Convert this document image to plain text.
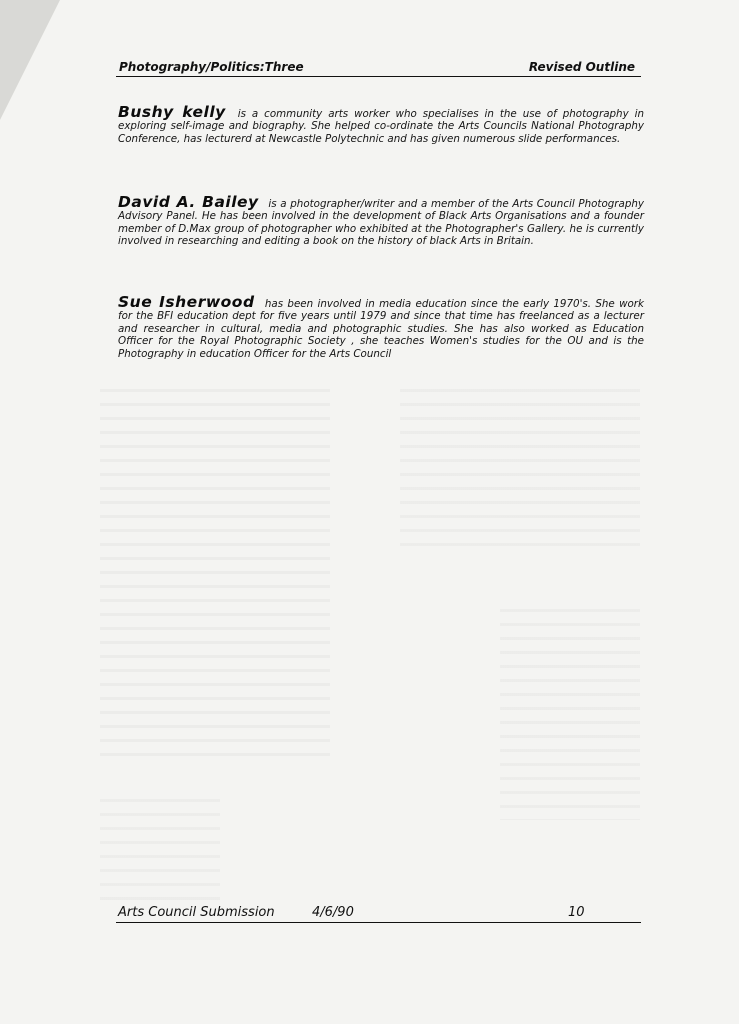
Photography/Politics:Three	Revised Outline
Bushy kelly is a community arts worker who specialises in the use of photography in exploring self-image and biography. She helped co-ordinate the Arts Councils National Photography Conference, has lecturerd at Newcastle Polytechnic and has given numerous slide performances.
David A. Bailey is a photographer/writer and a member of the Arts Council Photography Advisory Panel. He has been involved in the development of Black Arts Organisations and a founder member of D.Max group of photographer who exhibited at the Photographer's Gallery. he is currently involved in researching and editing a book on the history of black Arts in Britain.
Sue Isherwood has been involved in media education since the early 1970's. She work for the BFI education dept for five years until 1979 and since that time has freelanced as a lecturer and researcher in cultural, media and photographic studies. She has also worked as Education Officer for the Royal Photographic Society , she teaches Women's studies for the OU and is the Photography in education Officer for the Arts Council
Arts Council Submission	4/6/90	10
